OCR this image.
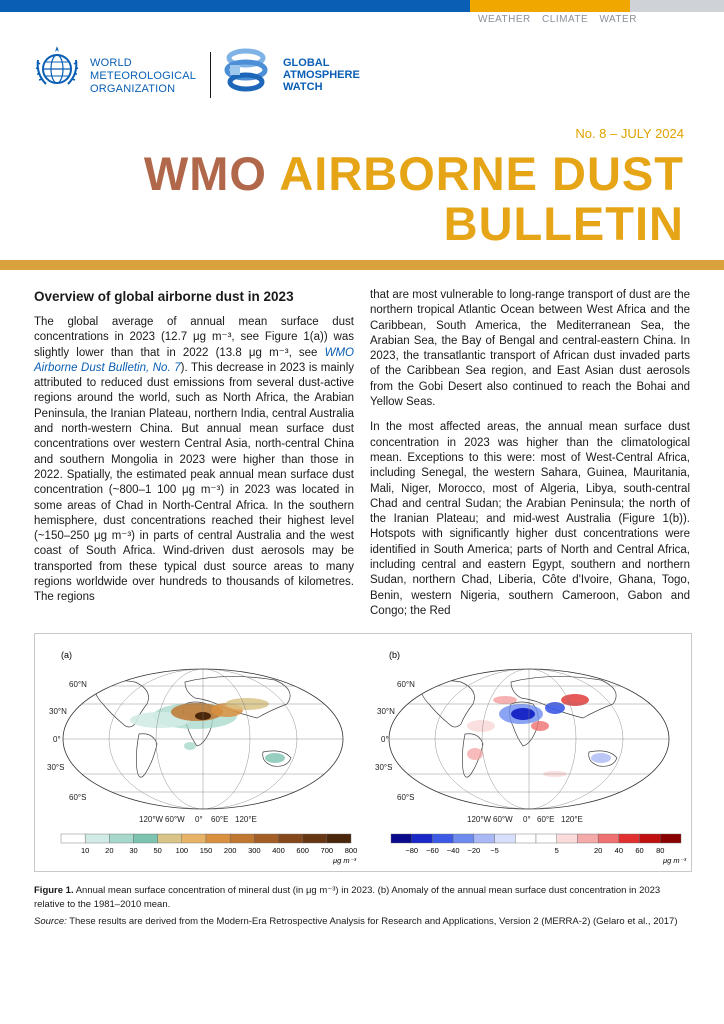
WEATHER CLIMATE WATER
WORLD
METEOROLOGICAL
ORGANIZATION
GLOBAL
ATMOSPHERE
WATCH
No. 8 – JULY 2024
WMO AIRBORNE DUST
BULLETIN
Overview of global airborne dust in 2023

The global average of annual mean surface dust concentrations in 2023 (12.7 μg m⁻³, see Figure 1(a)) was slightly lower than that in 2022 (13.8 μg m⁻³, see WMO Airborne Dust Bulletin, No. 7). This decrease in 2023 is mainly attributed to reduced dust emissions from several dust-active regions around the world, such as North Africa, the Arabian Peninsula, the Iranian Plateau, northern India, central Australia and north-western China. But annual mean surface dust concentrations over western Central Asia, north-central China and southern Mongolia in 2023 were higher than those in 2022. Spatially, the estimated peak annual mean surface dust concentration (~800–1 100 μg m⁻³) in 2023 was located in some areas of Chad in North-Central Africa. In the southern hemisphere, dust concentrations reached their highest level (~150–250 μg m⁻³) in parts of central Australia and the west coast of South Africa. Wind-driven dust aerosols may be transported from these typical dust source areas to many regions worldwide over hundreds to thousands of kilometres. The regions

that are most vulnerable to long-range transport of dust are the northern tropical Atlantic Ocean between West Africa and the Caribbean, South America, the Mediterranean Sea, the Arabian Sea, the Bay of Bengal and central-eastern China. In 2023, the transatlantic transport of African dust invaded parts of the Caribbean Sea region, and East Asian dust aerosols from the Gobi Desert also continued to reach the Bohai and Yellow Seas.

In the most affected areas, the annual mean surface dust concentration in 2023 was higher than the climatological mean. Exceptions to this were: most of West-Central Africa, including Senegal, the western Sahara, Guinea, Mauritania, Mali, Niger, Morocco, most of Algeria, Libya, south-central Chad and central Sudan; the Arabian Peninsula; the north of the Iranian Plateau; and mid-west Australia (Figure 1(b)). Hotspots with significantly higher dust concentrations were identified in South America; parts of North and Central Africa, including central and eastern Egypt, southern and northern Sudan, northern Chad, Liberia, Côte d'Ivoire, Ghana, Togo, Benin, western Nigeria, southern Cameroon, Gabon and Congo; the Red

(a)
60°N
30°N
0°
30°S
60°S
120°W 60°W 0° 60°E 120°E
10 20 30 50 100 150 200 300 400 600 700 800
μg m⁻³
(b)
60°N
30°N
0°
30°S
60°S
120°W 60°W 0° 60°E 120°E
−80 −60 −40 −20 −5	5	20 40 60 80
μg m⁻³

Figure 1. Annual mean surface concentration of mineral dust (in μg m⁻³) in 2023. (b) Anomaly of the annual mean surface dust concentration in 2023 relative to the 1981–2010 mean.

Source: These results are derived from the Modern-Era Retrospective Analysis for Research and Applications, Version 2 (MERRA-2) (Gelaro et al., 2017)
